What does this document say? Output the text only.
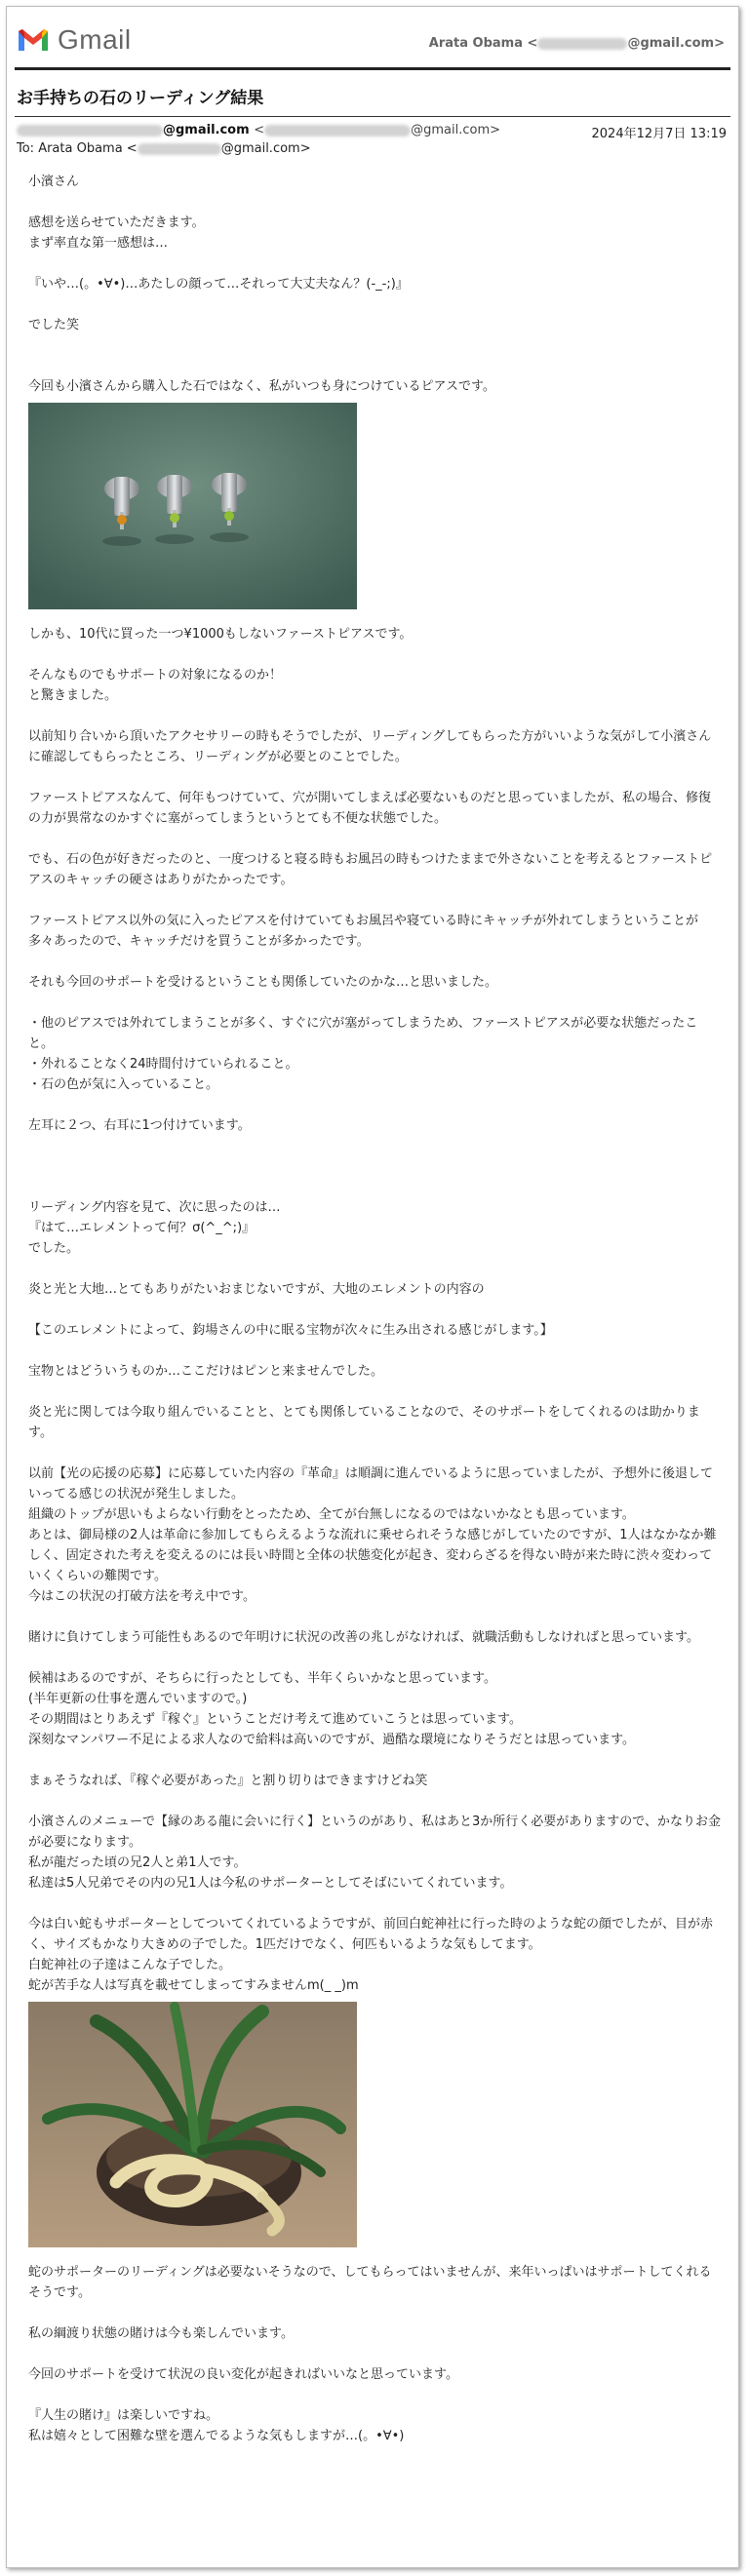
Gmail	Arata Obama <	@gmail.com>
お手持ちの石のリーディング結果
@gmail.com <	@gmail.com>	2024年12月7日 13:19
To: Arata Obama <	@gmail.com>

小濱さん

感想を送らせていただきます。
まず率直な第一感想は…

『いや…(。•∀•)…あたしの顔って…それって大丈夫なん？(-_-;)』

でした笑

今回も小濱さんから購入した石ではなく、私がいつも身につけているピアスです。

しかも、10代に買った一つ¥1000もしないファーストピアスです。

そんなものでもサポートの対象になるのか！
と驚きました。

以前知り合いから頂いたアクセサリーの時もそうでしたが、リーディングしてもらった方がいいような気がして小濱さんに確認してもらったところ、リーディングが必要とのことでした。

ファーストピアスなんて、何年もつけていて、穴が開いてしまえば必要ないものだと思っていましたが、私の場合、修復の力が異常なのかすぐに塞がってしまうというとても不便な状態でした。

でも、石の色が好きだったのと、一度つけると寝る時もお風呂の時もつけたままで外さないことを考えるとファーストピアスのキャッチの硬さはありがたかったです。

ファーストピアス以外の気に入ったピアスを付けていてもお風呂や寝ている時にキャッチが外れてしまうということが多々あったので、キャッチだけを買うことが多かったです。

それも今回のサポートを受けるということも関係していたのかな…と思いました。

・他のピアスでは外れてしまうことが多く、すぐに穴が塞がってしまうため、ファーストピアスが必要な状態だったこと。
・外れることなく24時間付けていられること。
・石の色が気に入っていること。

左耳に２つ、右耳に1つ付けています。

リーディング内容を見て、次に思ったのは…
『はて…エレメントって何？σ(^_^;)』
でした。

炎と光と大地…とてもありがたいおまじないですが、大地のエレメントの内容の

【このエレメントによって、鈞場さんの中に眠る宝物が次々に生み出される感じがします。】

宝物とはどういうものか…ここだけはピンと来ませんでした。

炎と光に関しては今取り組んでいることと、とても関係していることなので、そのサポートをしてくれるのは助かります。

以前【光の応援の応募】に応募していた内容の『革命』は順調に進んでいるように思っていましたが、予想外に後退していってる感じの状況が発生しました。
組織のトップが思いもよらない行動をとったため、全てが台無しになるのではないかなとも思っています。
あとは、御局様の2人は革命に参加してもらえるような流れに乗せられそうな感じがしていたのですが、1人はなかなか難しく、固定された考えを変えるのには長い時間と全体の状態変化が起き、変わらざるを得ない時が来た時に渋々変わっていくくらいの難関です。
今はこの状況の打破方法を考え中です。

賭けに負けてしまう可能性もあるので年明けに状況の改善の兆しがなければ、就職活動もしなければと思っています。

候補はあるのですが、そちらに行ったとしても、半年くらいかなと思っています。
(半年更新の仕事を選んでいますので。)
その期間はとりあえず『稼ぐ』ということだけ考えて進めていこうとは思っています。
深刻なマンパワー不足による求人なので給料は高いのですが、過酷な環境になりそうだとは思っています。

まぁそうなれば、『稼ぐ必要があった』と割り切りはできますけどね笑

小濱さんのメニューで【縁のある龍に会いに行く】というのがあり、私はあと3か所行く必要がありますので、かなりお金が必要になります。
私が龍だった頃の兄2人と弟1人です。
私達は5人兄弟でその内の兄1人は今私のサポーターとしてそばにいてくれています。

今は白い蛇もサポーターとしてついてくれているようですが、前回白蛇神社に行った時のような蛇の顔でしたが、目が赤く、サイズもかなり大きめの子でした。1匹だけでなく、何匹もいるような気もしてます。
白蛇神社の子達はこんな子でした。
蛇が苦手な人は写真を載せてしまってすみませんm(_ _)m

蛇のサポーターのリーディングは必要ないそうなので、してもらってはいませんが、来年いっぱいはサポートしてくれるそうです。

私の綱渡り状態の賭けは今も楽しんでいます。

今回のサポートを受けて状況の良い変化が起きればいいなと思っています。

『人生の賭け』は楽しいですね。
私は嬉々として困難な壁を選んでるような気もしますが…(。•∀•)
